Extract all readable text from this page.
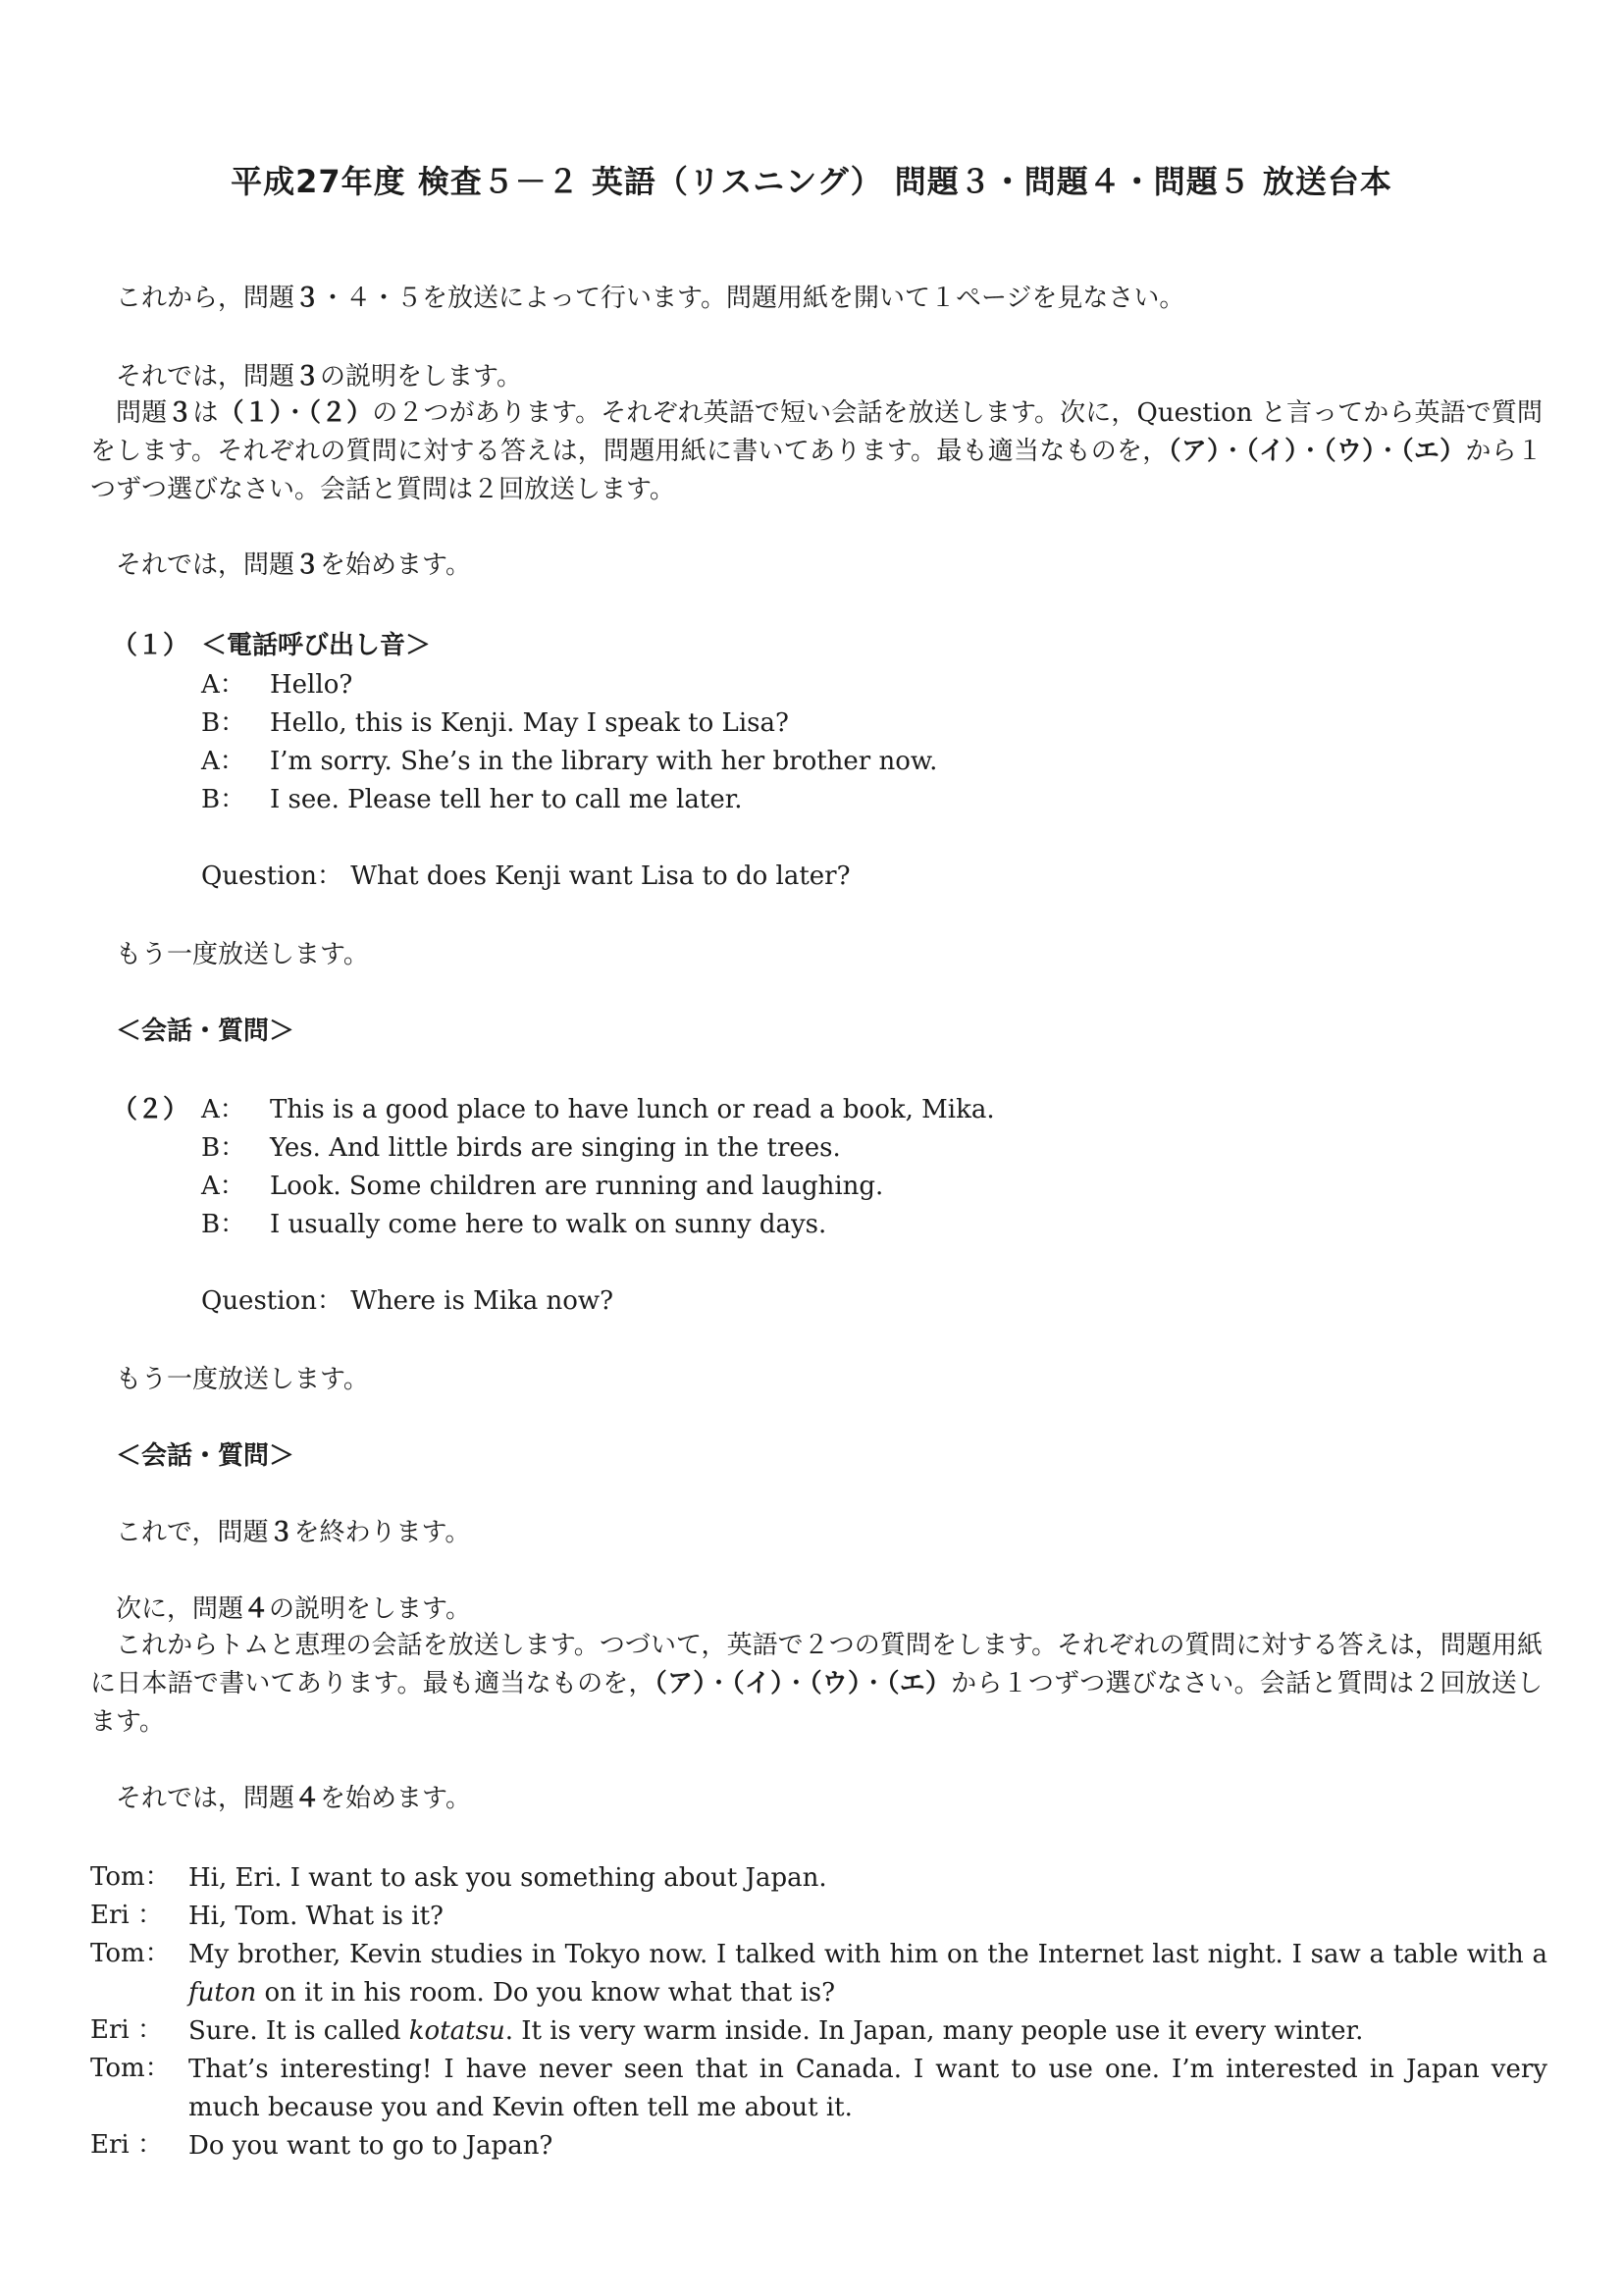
平成27年度 検査５－２ 英語（リスニング） 問題３・問題４・問題５ 放送台本
これから，問題３・４・５を放送によって行います。問題用紙を開いて１ページを見なさい。
それでは，問題３の説明をします。
問題３は（１）・（２）の２つがあります。それぞれ英語で短い会話を放送します。次に，Question と言ってから英語で質問をします。それぞれの質問に対する答えは，問題用紙に書いてあります。最も適当なものを，（ア）・（イ）・（ウ）・（エ）から１つずつ選びなさい。会話と質問は２回放送します。
それでは，問題３を始めます。
（１） ＜電話呼び出し音＞
A： Hello?
B： Hello, this is Kenji. May I speak to Lisa?
A： I’m sorry. She’s in the library with her brother now.
B： I see. Please tell her to call me later.
Question： What does Kenji want Lisa to do later?
もう一度放送します。
＜会話・質問＞
（２） A： This is a good place to have lunch or read a book, Mika.
B： Yes. And little birds are singing in the trees.
A： Look. Some children are running and laughing.
B： I usually come here to walk on sunny days.
Question： Where is Mika now?
もう一度放送します。
＜会話・質問＞
これで，問題３を終わります。
次に，問題４の説明をします。
これからトムと恵理の会話を放送します。つづいて，英語で２つの質問をします。それぞれの質問に対する答えは，問題用紙に日本語で書いてあります。最も適当なものを，（ア）・（イ）・（ウ）・（エ）から１つずつ選びなさい。会話と質問は２回放送します。
それでは，問題４を始めます。
Tom： Hi, Eri. I want to ask you something about Japan.
Eri ：	Hi, Tom. What is it?
Tom： My brother, Kevin studies in Tokyo now. I talked with him on the Internet last night. I saw a table with a futon on it in his room. Do you know what that is?
Eri ：	Sure. It is called kotatsu. It is very warm inside. In Japan, many people use it every winter.
Tom： That’s interesting! I have never seen that in Canada. I want to use one. I’m interested in Japan very much because you and Kevin often tell me about it.
Eri ：	Do you want to go to Japan?
